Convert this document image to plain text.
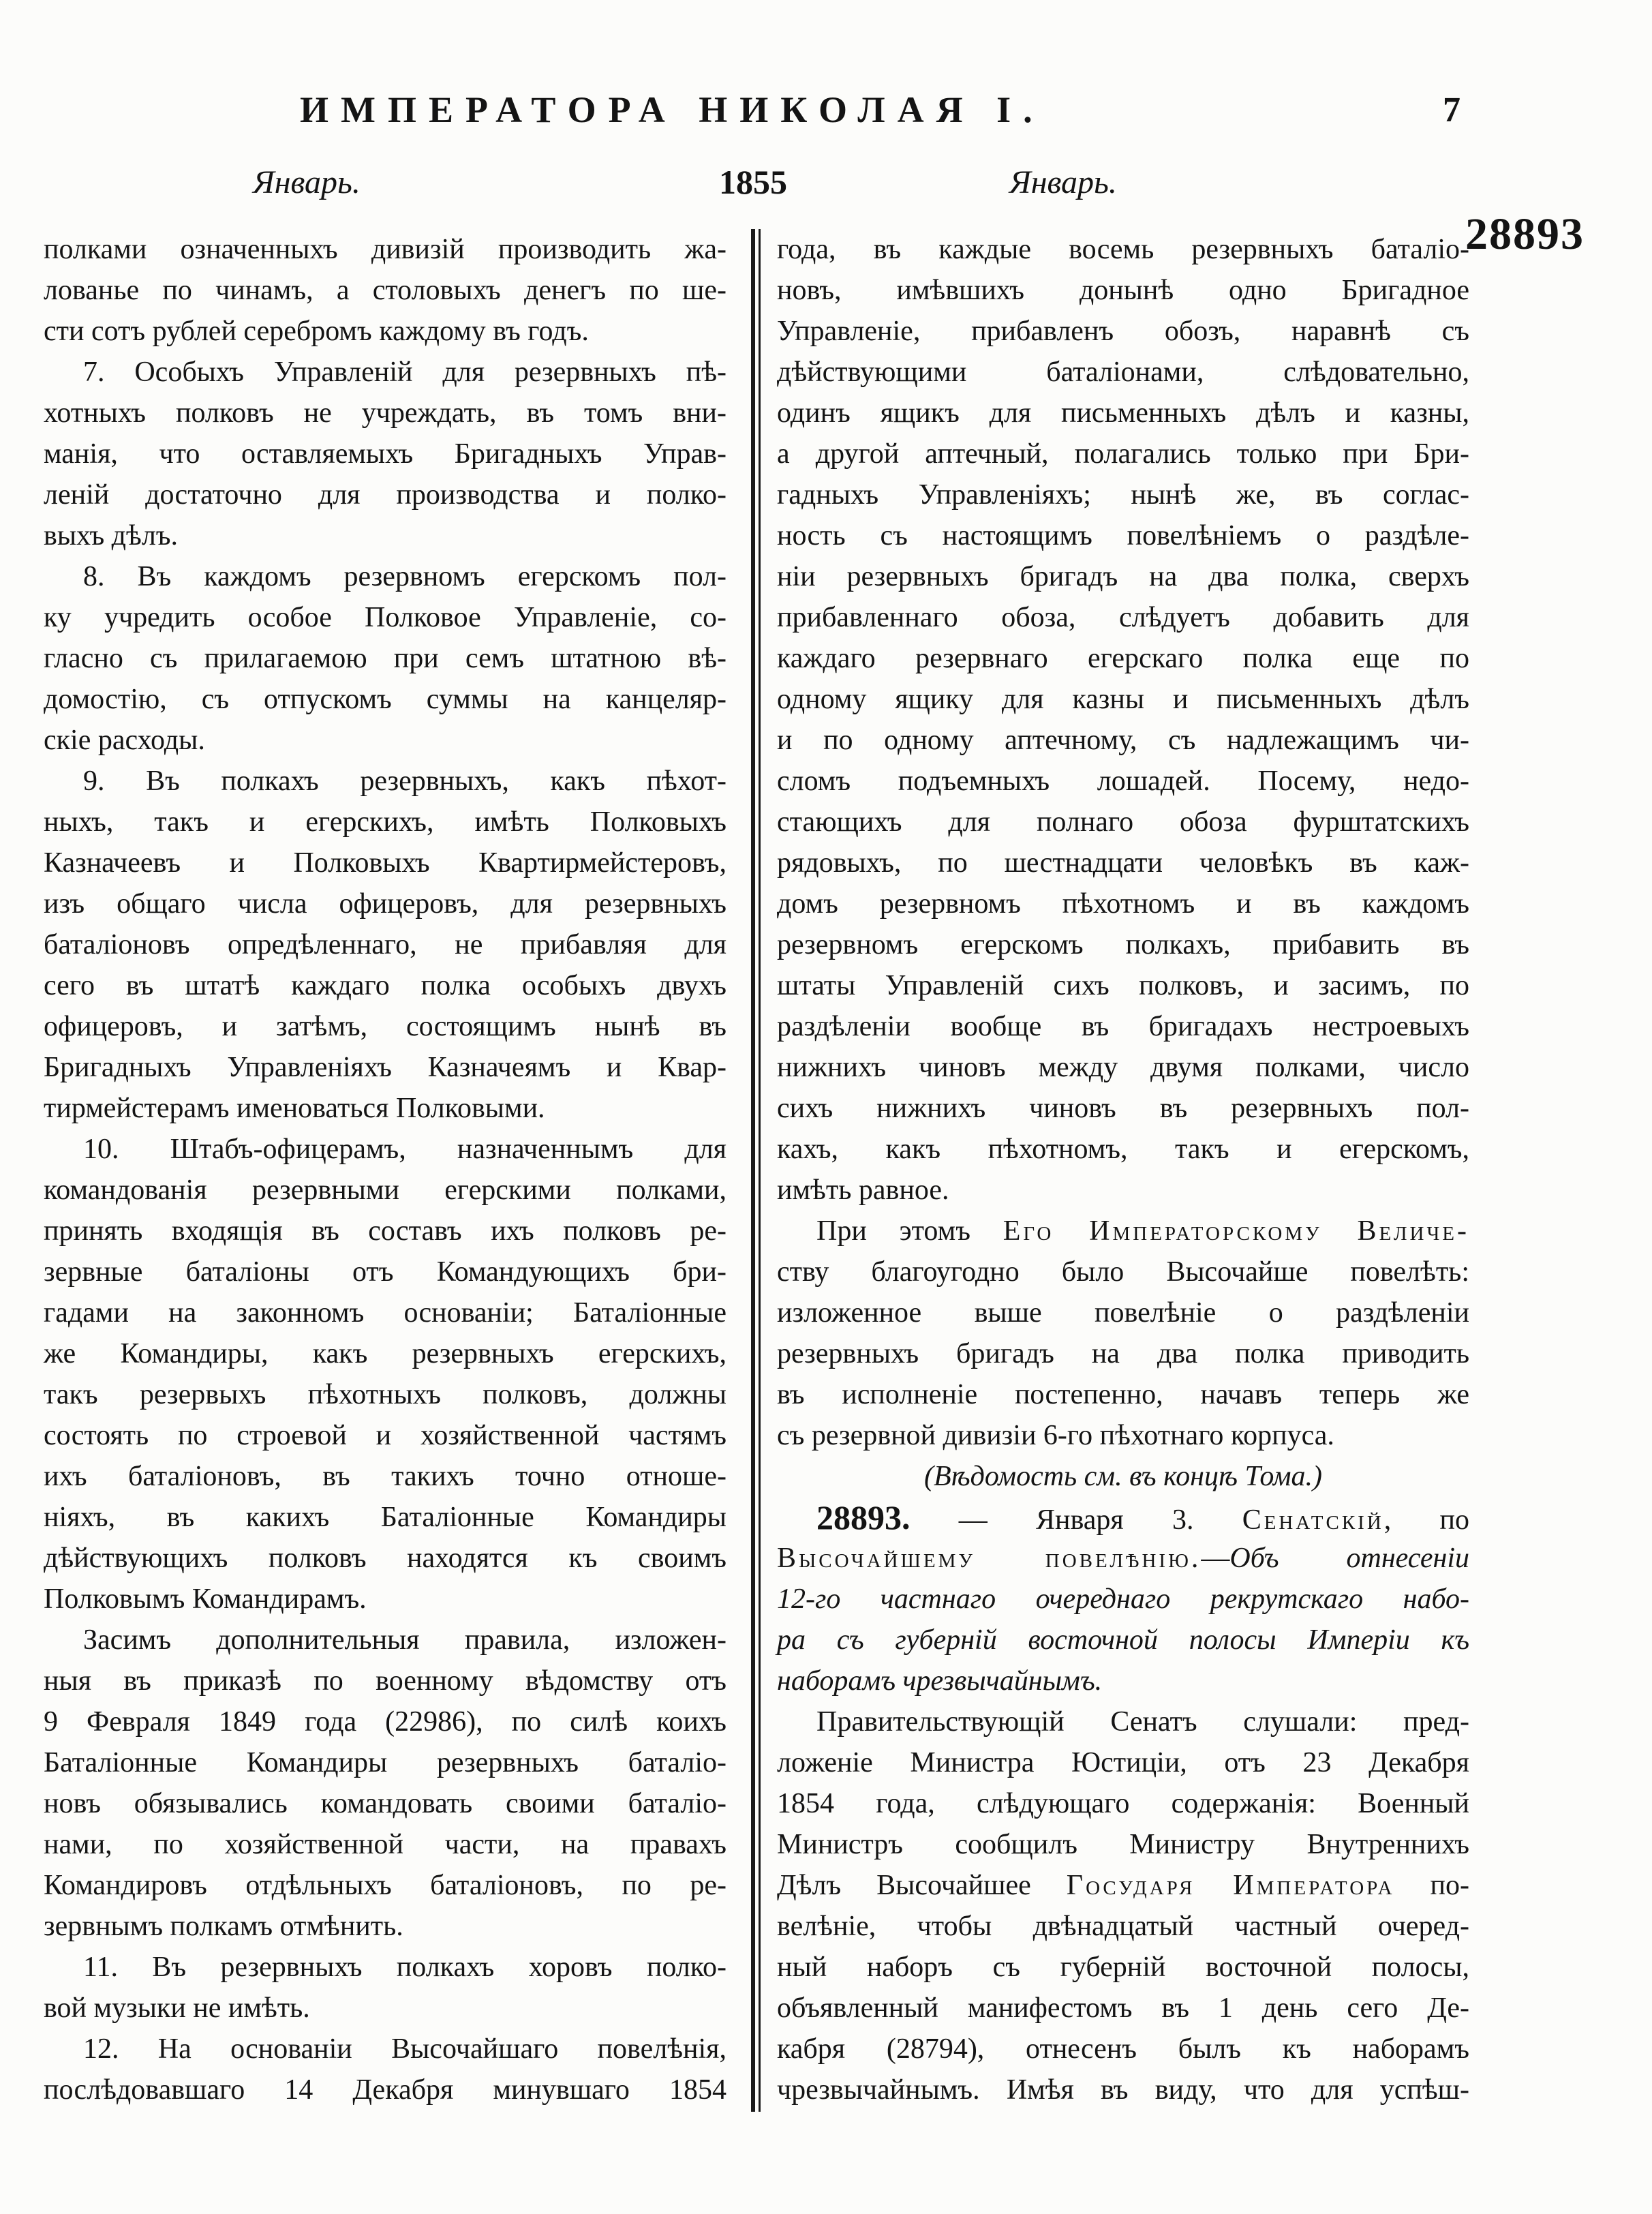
ИМПЕРАТОРА НИКОЛАЯ I.	7
Январь.	1855	Январь.
28893
полками означенныхъ дивизій производить жа-
лованье по чинамъ, а столовыхъ денегъ по ше-
сти сотъ рублей серебромъ каждому въ годъ.
7. Особыхъ Управленій для резервныхъ пѣ-
хотныхъ полковъ не учреждать, въ томъ вни-
манія, что оставляемыхъ Бригадныхъ Управ-
леній достаточно для производства и полко-
выхъ дѣлъ.
8. Въ каждомъ резервномъ егерскомъ пол-
ку учредить особое Полковое Управленіе, со-
гласно съ прилагаемою при семъ штатною вѣ-
домостію, съ отпускомъ суммы на канцеляр-
скіе расходы.
9. Въ полкахъ резервныхъ, какъ пѣхот-
ныхъ, такъ и егерскихъ, имѣть Полковыхъ
Казначеевъ и Полковыхъ Квартирмейстеровъ,
изъ общаго числа офицеровъ, для резервныхъ
баталіоновъ опредѣленнаго, не прибавляя для
сего въ штатѣ каждаго полка особыхъ двухъ
офицеровъ, и затѣмъ, состоящимъ нынѣ въ
Бригадныхъ Управленіяхъ Казначеямъ и Квар-
тирмейстерамъ именоваться Полковыми.
10. Штабъ-офицерамъ, назначеннымъ для
командованія резервными егерскими полками,
принять входящія въ составъ ихъ полковъ ре-
зервные баталіоны отъ Командующихъ бри-
гадами на законномъ основаніи; Баталіонные
же Командиры, какъ резервныхъ егерскихъ,
такъ резервыхъ пѣхотныхъ полковъ, должны
состоять по строевой и хозяйственной частямъ
ихъ баталіоновъ, въ такихъ точно отноше-
ніяхъ, въ какихъ Баталіонные Командиры
дѣйствующихъ полковъ находятся къ своимъ
Полковымъ Командирамъ.
Засимъ дополнительныя правила, изложен-
ныя въ приказѣ по военному вѣдомству отъ
9 Февраля 1849 года (22986), по силѣ коихъ
Баталіонные Командиры резервныхъ баталіо-
новъ обязывались командовать своими баталіо-
нами, по хозяйственной части, на правахъ
Командировъ отдѣльныхъ баталіоновъ, по ре-
зервнымъ полкамъ отмѣнить.
11. Въ резервныхъ полкахъ хоровъ полко-
вой музыки не имѣть.
12. На основаніи Высочайшаго повелѣнія,
послѣдовавшаго 14 Декабря минувшаго 1854
года, въ каждые восемь резервныхъ баталіо-
новъ, имѣвшихъ донынѣ одно Бригадное
Управленіе, прибавленъ обозъ, наравнѣ съ
дѣйствующими баталіонами, слѣдовательно,
одинъ ящикъ для письменныхъ дѣлъ и казны,
а другой аптечный, полагались только при Бри-
гадныхъ Управленіяхъ; нынѣ же, въ соглас-
ность съ настоящимъ повелѣніемъ о раздѣле-
ніи резервныхъ бригадъ на два полка, сверхъ
прибавленнаго обоза, слѣдуетъ добавить для
каждаго резервнаго егерскаго полка еще по
одному ящику для казны и письменныхъ дѣлъ
и по одному аптечному, съ надлежащимъ чи-
сломъ подъемныхъ лошадей. Посему, недо-
стающихъ для полнаго обоза фурштатскихъ
рядовыхъ, по шестнадцати человѣкъ въ каж-
домъ резервномъ пѣхотномъ и въ каждомъ
резервномъ егерскомъ полкахъ, прибавить въ
штаты Управленій сихъ полковъ, и засимъ, по
раздѣленіи вообще въ бригадахъ нестроевыхъ
нижнихъ чиновъ между двумя полками, число
сихъ нижнихъ чиновъ въ резервныхъ пол-
кахъ, какъ пѣхотномъ, такъ и егерскомъ,
имѣть равное.
При этомъ Его Императорскому Величе-
ству благоугодно было Высочайше повелѣть:
изложенное выше повелѣніе о раздѣленіи
резервныхъ бригадъ на два полка приводить
въ исполненіе постепенно, начавъ теперь же
съ резервной дивизіи 6-го пѣхотнаго корпуса.
(Вѣдомость см. въ концѣ Тома.)
28893. — Января 3. Сенатскій, по
Высочайшему повелѣнію.—Объ отнесеніи
12-го частнаго очереднаго рекрутскаго набо-
ра съ губерній восточной полосы Имперіи къ
наборамъ чрезвычайнымъ.
Правительствующій Сенатъ слушали: пред-
ложеніе Министра Юстиціи, отъ 23 Декабря
1854 года, слѣдующаго содержанія: Военный
Министръ сообщилъ Министру Внутреннихъ
Дѣлъ Высочайшее Государя Императора по-
велѣніе, чтобы двѣнадцатый частный очеред-
ный наборъ съ губерній восточной полосы,
объявленный манифестомъ въ 1 день сего Де-
кабря (28794), отнесенъ былъ къ наборамъ
чрезвычайнымъ. Имѣя въ виду, что для успѣш-
